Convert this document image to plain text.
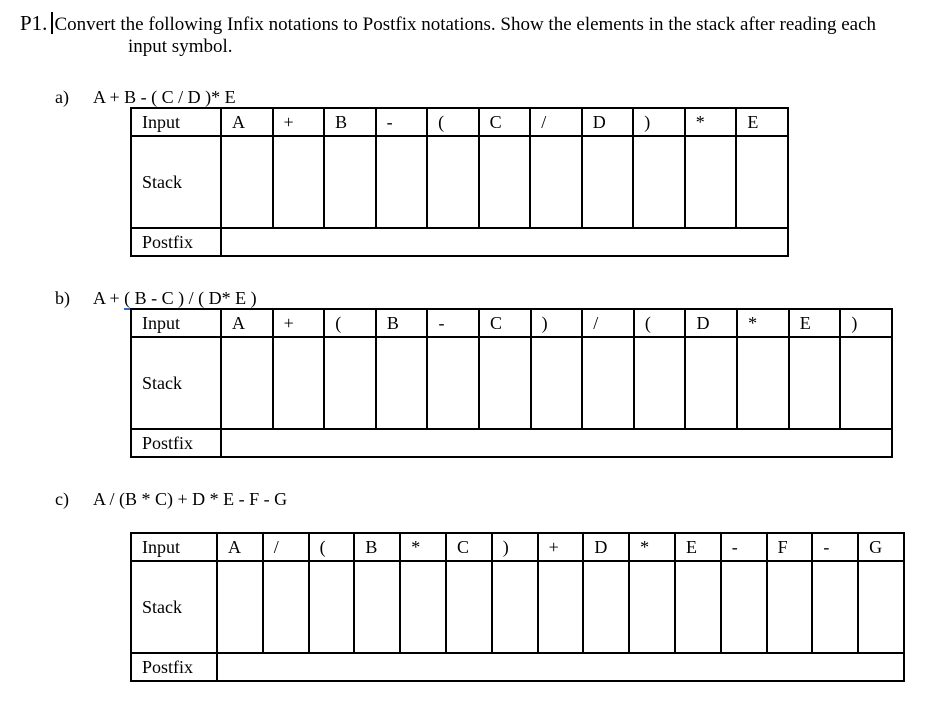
P1. Convert the following Infix notations to Postfix notations. Show the elements in the stack after reading each
input symbol.
a) A + B - ( C / D )* E
b) A + ( B - C ) / ( D* E )
c) A / (B * C) + D * E - F - G
Input	A	+	B	-	(	C	/	D	)	*	E
Stack											
Postfix											
Input	A	+	(	B	-	C	)	/	(	D	*	E	)
Stack													
Postfix													
Input	A	/	(	B	*	C	)	+	D	*	E	-	F	-	G
Stack															
Postfix															
